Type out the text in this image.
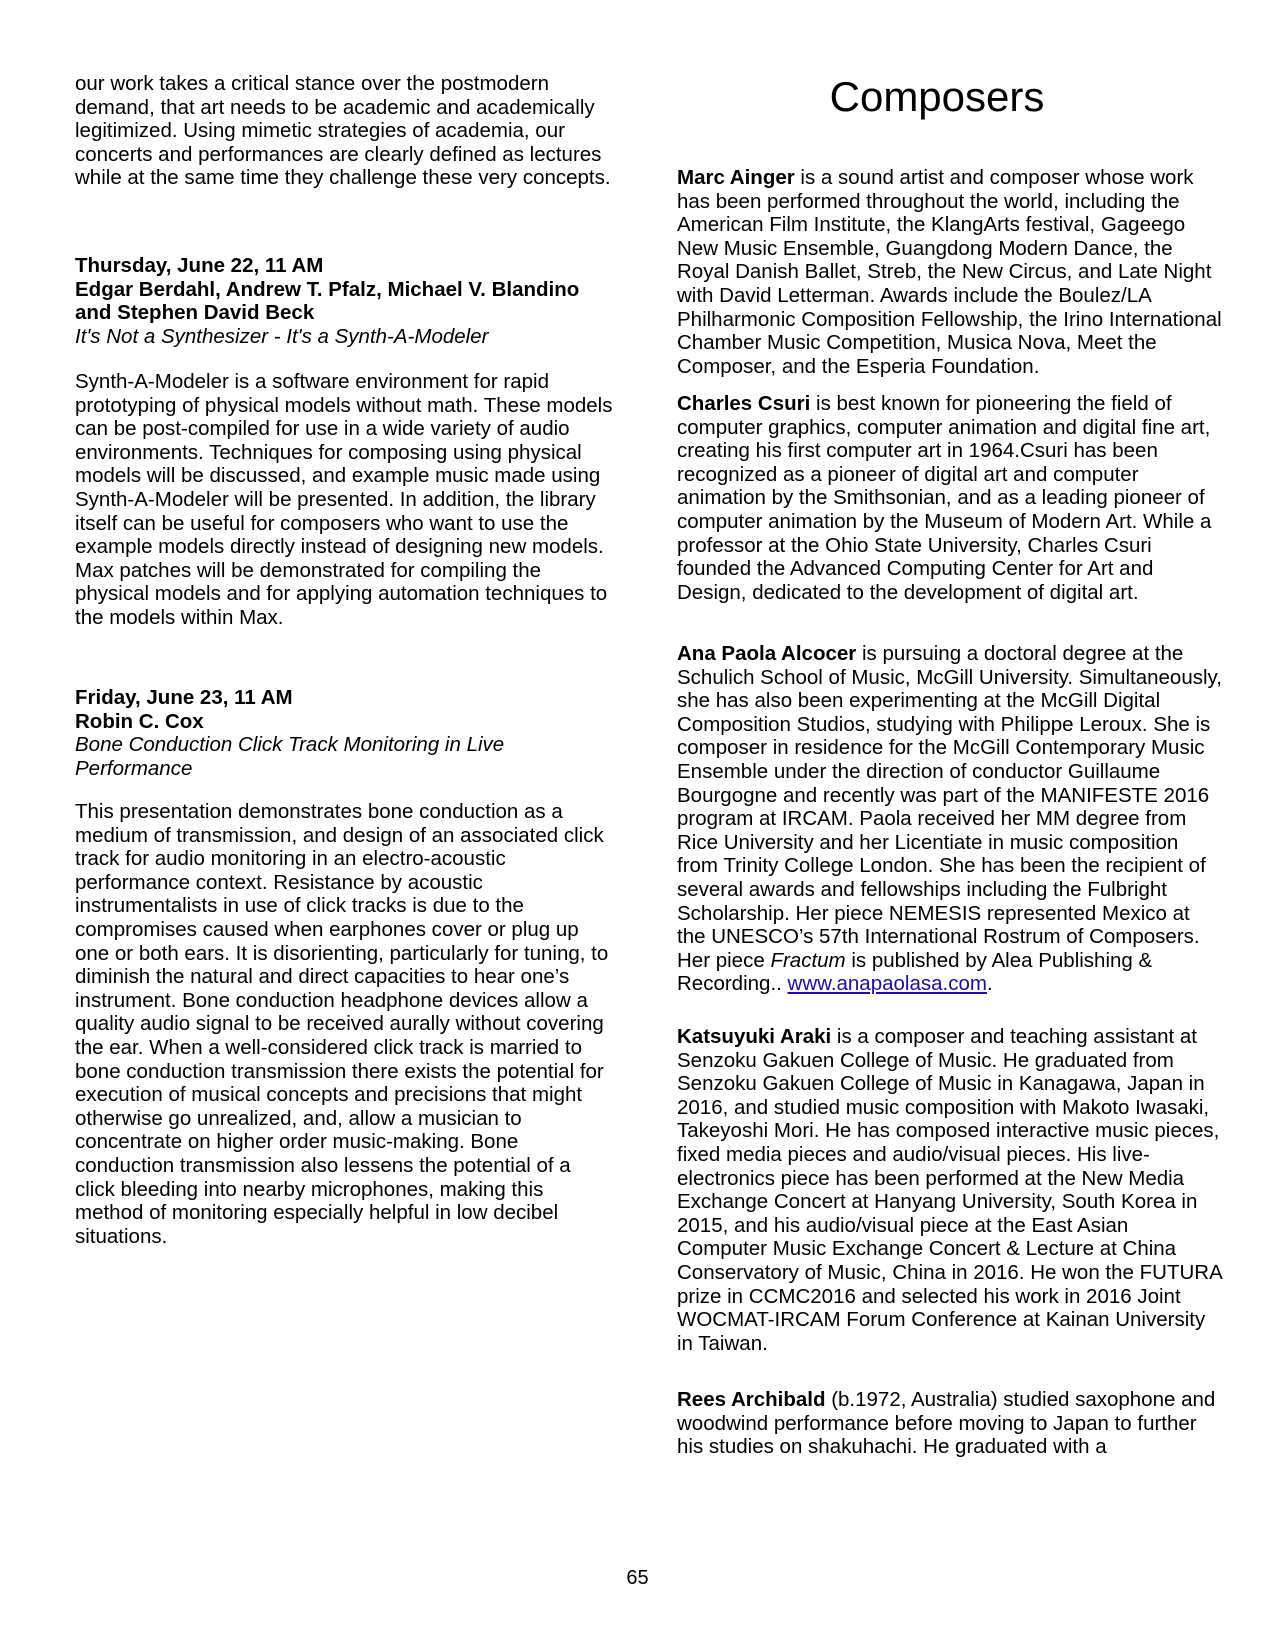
our work takes a critical stance over the postmodern demand, that art needs to be academic and academically legitimized. Using mimetic strategies of academia, our concerts and performances are clearly defined as lectures while at the same time they challenge these very concepts.

Thursday, June 22, 11 AM

Edgar Berdahl, Andrew T. Pfalz, Michael V. Blandino and Stephen David Beck

It's Not a Synthesizer - It's a Synth-A-Modeler

Synth-A-Modeler is a software environment for rapid prototyping of physical models without math. These models can be post-compiled for use in a wide variety of audio environments. Techniques for composing using physical models will be discussed, and example music made using Synth-A-Modeler will be presented. In addition, the library itself can be useful for composers who want to use the example models directly instead of designing new models. Max patches will be demonstrated for compiling the physical models and for applying automation techniques to the models within Max.

Friday, June 23, 11 AM

Robin C. Cox

Bone Conduction Click Track Monitoring in Live Performance

This presentation demonstrates bone conduction as a medium of transmission, and design of an associated click track for audio monitoring in an electro-acoustic performance context. Resistance by acoustic instrumentalists in use of click tracks is due to the compromises caused when earphones cover or plug up one or both ears. It is disorienting, particularly for tuning, to diminish the natural and direct capacities to hear one’s instrument. Bone conduction headphone devices allow a quality audio signal to be received aurally without covering the ear. When a well-considered click track is married to bone conduction transmission there exists the potential for execution of musical concepts and precisions that might otherwise go unrealized, and, allow a musician to concentrate on higher order music-making. Bone conduction transmission also lessens the potential of a click bleeding into nearby microphones, making this method of monitoring especially helpful in low decibel situations.

Composers

Marc Ainger is a sound artist and composer whose work has been performed throughout the world, including the American Film Institute, the KlangArts festival, Gageego New Music Ensemble, Guangdong Modern Dance, the Royal Danish Ballet, Streb, the New Circus, and Late Night with David Letterman. Awards include the Boulez/LA Philharmonic Composition Fellowship, the Irino International Chamber Music Competition, Musica Nova, Meet the Composer, and the Esperia Foundation.

Charles Csuri is best known for pioneering the field of computer graphics, computer animation and digital fine art, creating his first computer art in 1964.Csuri has been recognized as a pioneer of digital art and computer animation by the Smithsonian, and as a leading pioneer of computer animation by the Museum of Modern Art. While a professor at the Ohio State University, Charles Csuri founded the Advanced Computing Center for Art and Design, dedicated to the development of digital art.

Ana Paola Alcocer is pursuing a doctoral degree at the Schulich School of Music, McGill University. Simultaneously, she has also been experimenting at the McGill Digital Composition Studios, studying with Philippe Leroux. She is composer in residence for the McGill Contemporary Music Ensemble under the direction of conductor Guillaume Bourgogne and recently was part of the MANIFESTE 2016 program at IRCAM. Paola received her MM degree from Rice University and her Licentiate in music composition from Trinity College London. She has been the recipient of several awards and fellowships including the Fulbright Scholarship. Her piece NEMESIS represented Mexico at the UNESCO’s 57th International Rostrum of Composers. Her piece Fractum is published by Alea Publishing & Recording.. www.anapaolasa.com.

Katsuyuki Araki is a composer and teaching assistant at Senzoku Gakuen College of Music. He graduated from Senzoku Gakuen College of Music in Kanagawa, Japan in 2016, and studied music composition with Makoto Iwasaki, Takeyoshi Mori. He has composed interactive music pieces, fixed media pieces and audio/visual pieces. His live-electronics piece has been performed at the New Media Exchange Concert at Hanyang University, South Korea in 2015, and his audio/visual piece at the East Asian Computer Music Exchange Concert & Lecture at China Conservatory of Music, China in 2016. He won the FUTURA prize in CCMC2016 and selected his work in 2016 Joint WOCMAT-IRCAM Forum Conference at Kainan University in Taiwan.

Rees Archibald (b.1972, Australia) studied saxophone and woodwind performance before moving to Japan to further his studies on shakuhachi. He graduated with a

65
